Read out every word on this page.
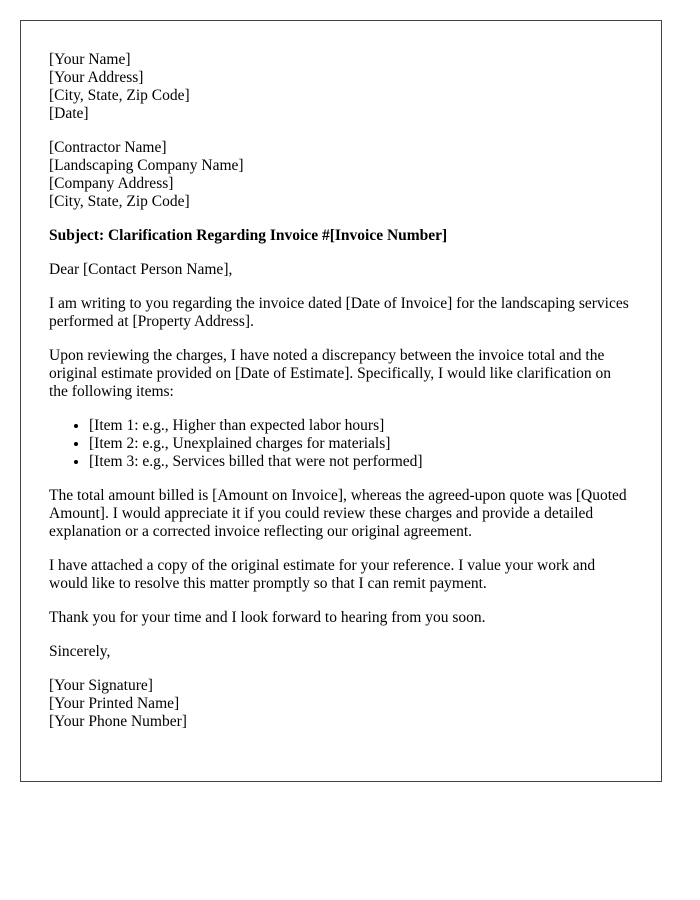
[Your Name]
[Your Address]
[City, State, Zip Code]
[Date]
[Contractor Name]
[Landscaping Company Name]
[Company Address]
[City, State, Zip Code]
Subject: Clarification Regarding Invoice #[Invoice Number]

Dear [Contact Person Name],

I am writing to you regarding the invoice dated [Date of Invoice] for the landscaping services performed at [Property Address].

Upon reviewing the charges, I have noted a discrepancy between the invoice total and the original estimate provided on [Date of Estimate]. Specifically, I would like clarification on the following items:

• [Item 1: e.g., Higher than expected labor hours]
• [Item 2: e.g., Unexplained charges for materials]
• [Item 3: e.g., Services billed that were not performed]

The total amount billed is [Amount on Invoice], whereas the agreed-upon quote was [Quoted Amount]. I would appreciate it if you could review these charges and provide a detailed explanation or a corrected invoice reflecting our original agreement.

I have attached a copy of the original estimate for your reference. I value your work and would like to resolve this matter promptly so that I can remit payment.

Thank you for your time and I look forward to hearing from you soon.

Sincerely,

[Your Signature]
[Your Printed Name]
[Your Phone Number]
